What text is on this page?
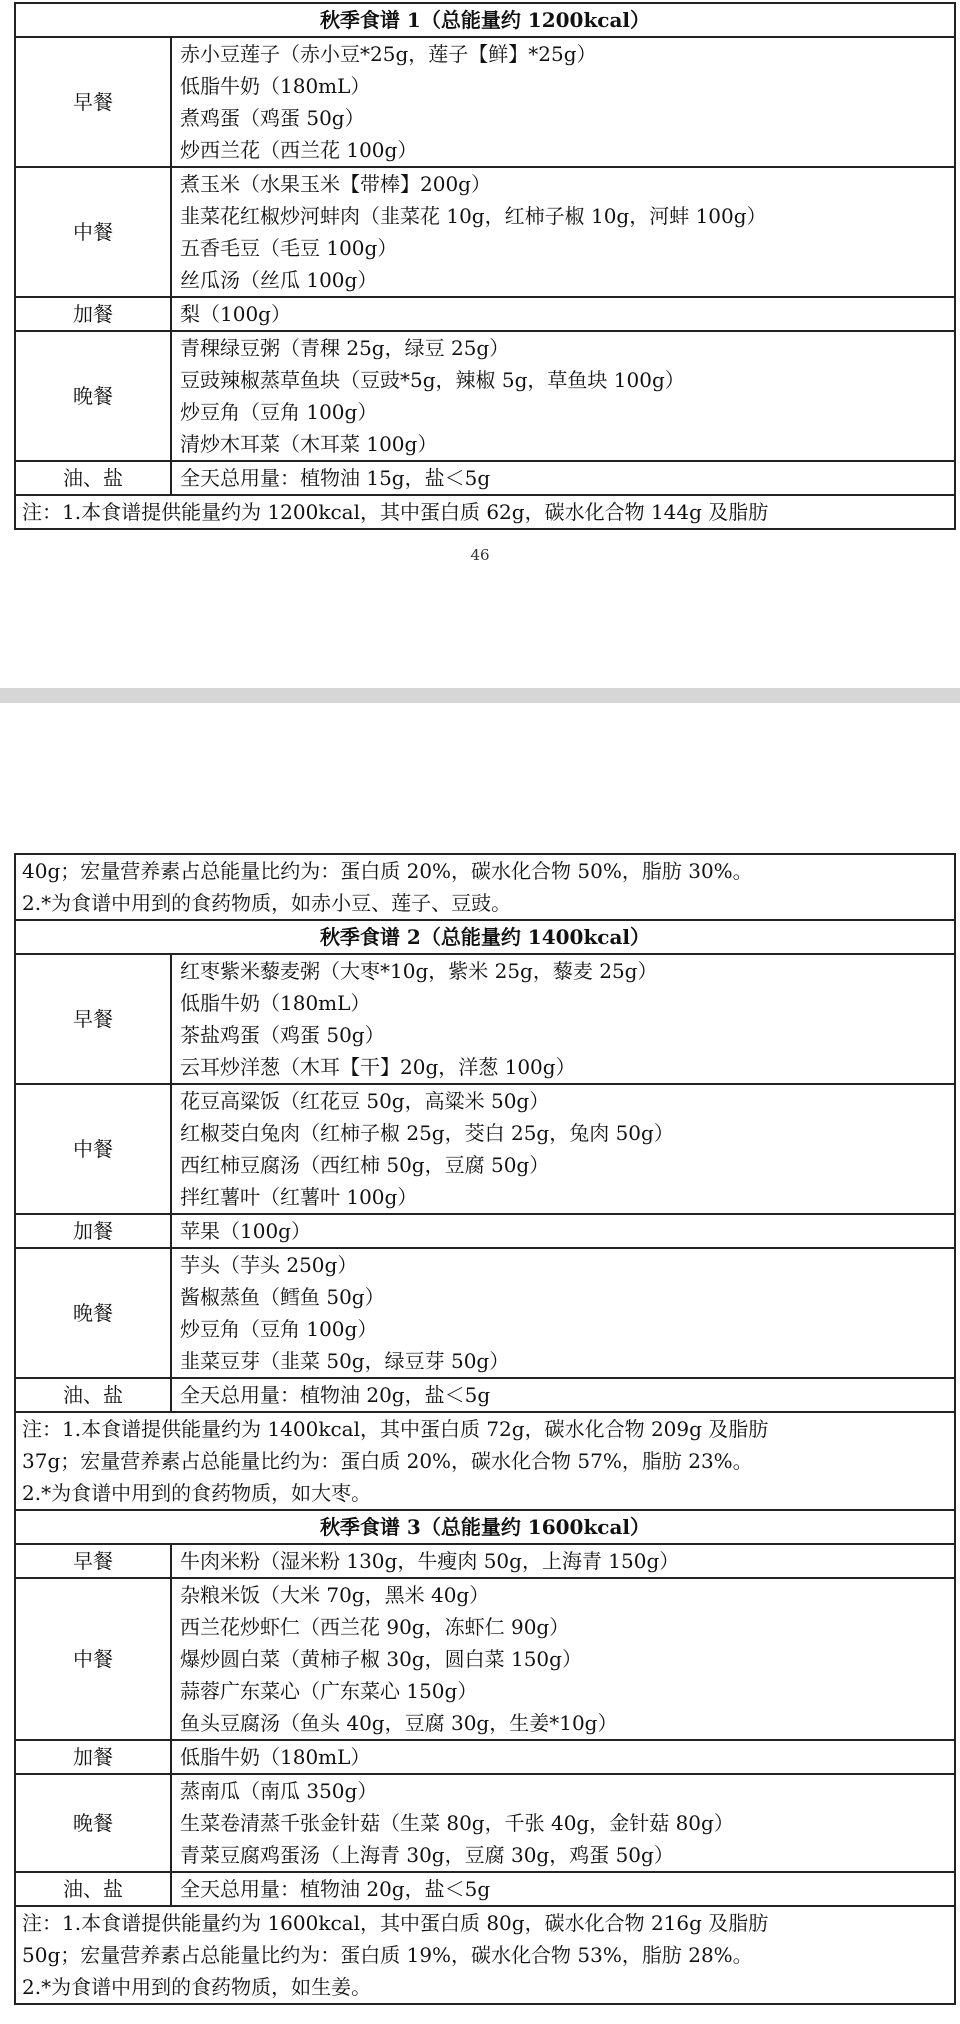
秋季食谱 1（总能量约 1200kcal）	
早餐	赤小豆莲子（赤小豆*25g，莲子【鲜】*25g）
低脂牛奶（180mL）
煮鸡蛋（鸡蛋 50g）
炒西兰花（西兰花 100g）

中餐	煮玉米（水果玉米【带棒】200g）
韭菜花红椒炒河蚌肉（韭菜花 10g，红柿子椒 10g，河蚌 100g）
五香毛豆（毛豆 100g）
丝瓜汤（丝瓜 100g）

加餐	梨（100g）

晚餐	青稞绿豆粥（青稞 25g，绿豆 25g）
豆豉辣椒蒸草鱼块（豆豉*5g，辣椒 5g，草鱼块 100g）
炒豆角（豆角 100g）
清炒木耳菜（木耳菜 100g）

油、盐	全天总用量：植物油 15g，盐＜5g

注：1.本食谱提供能量约为 1200kcal，其中蛋白质 62g，碳水化合物 144g 及脂肪	
46
40g；宏量营养素占总能量比约为：蛋白质 20%，碳水化合物 50%，脂肪 30%。
2.*为食谱中用到的食药物质，如赤小豆、莲子、豆豉。	

秋季食谱 2（总能量约 1400kcal）	
早餐	红枣紫米藜麦粥（大枣*10g，紫米 25g，藜麦 25g）
低脂牛奶（180mL）
茶盐鸡蛋（鸡蛋 50g）
云耳炒洋葱（木耳【干】20g，洋葱 100g）

中餐	花豆高粱饭（红花豆 50g，高粱米 50g）
红椒茭白兔肉（红柿子椒 25g，茭白 25g，兔肉 50g）
西红柿豆腐汤（西红柿 50g，豆腐 50g）
拌红薯叶（红薯叶 100g）

加餐	苹果（100g）

晚餐	芋头（芋头 250g）
酱椒蒸鱼（鳕鱼 50g）
炒豆角（豆角 100g）
韭菜豆芽（韭菜 50g，绿豆芽 50g）

油、盐	全天总用量：植物油 20g，盐＜5g

注：1.本食谱提供能量约为 1400kcal，其中蛋白质 72g，碳水化合物 209g 及脂肪
37g；宏量营养素占总能量比约为：蛋白质 20%，碳水化合物 57%，脂肪 23%。
2.*为食谱中用到的食药物质，如大枣。	

秋季食谱 3（总能量约 1600kcal）	
早餐	牛肉米粉（湿米粉 130g，牛瘦肉 50g，上海青 150g）

中餐	杂粮米饭（大米 70g，黑米 40g）
西兰花炒虾仁（西兰花 90g，冻虾仁 90g）
爆炒圆白菜（黄柿子椒 30g，圆白菜 150g）
蒜蓉广东菜心（广东菜心 150g）
鱼头豆腐汤（鱼头 40g，豆腐 30g，生姜*10g）

加餐	低脂牛奶（180mL）

晚餐	蒸南瓜（南瓜 350g）
生菜卷清蒸千张金针菇（生菜 80g，千张 40g，金针菇 80g）
青菜豆腐鸡蛋汤（上海青 30g，豆腐 30g，鸡蛋 50g）

油、盐	全天总用量：植物油 20g，盐＜5g

注：1.本食谱提供能量约为 1600kcal，其中蛋白质 80g，碳水化合物 216g 及脂肪
50g；宏量营养素占总能量比约为：蛋白质 19%，碳水化合物 53%，脂肪 28%。
2.*为食谱中用到的食药物质，如生姜。	
